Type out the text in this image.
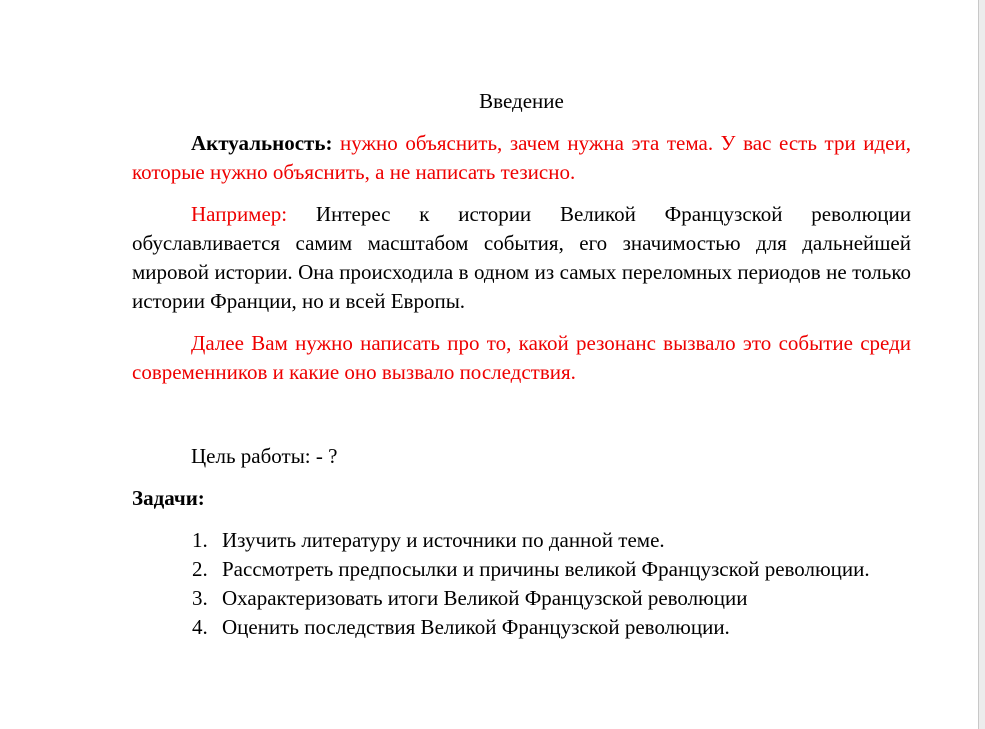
Введение

Актуальность: нужно объяснить, зачем нужна эта тема. У вас есть три идеи, которые нужно объяснить, а не написать тезисно.

Например: Интерес к истории Великой Французской революции обуславливается самим масштабом события, его значимостью для дальнейшей мировой истории. Она происходила в одном из самых переломных периодов не только истории Франции, но и всей Европы.

Далее Вам нужно написать про то, какой резонанс вызвало это событие среди современников и какие оно вызвало последствия.

Цель работы: - ?

Задачи:

1. Изучить литературу и источники по данной теме.
2. Рассмотреть предпосылки и причины великой Французской революции.
3. Охарактеризовать итоги Великой Французской революции
4. Оценить последствия Великой Французской революции.
